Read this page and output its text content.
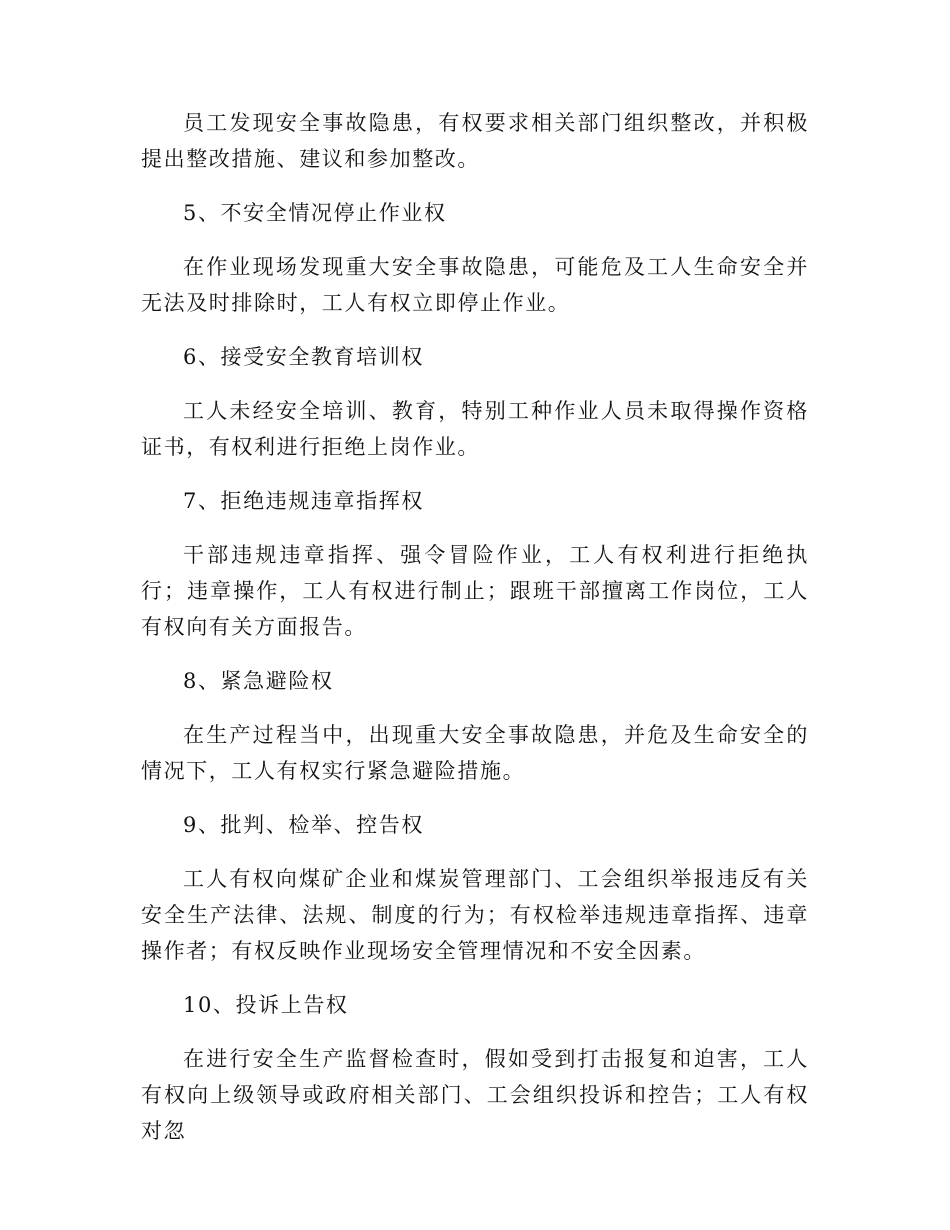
员工发现安全事故隐患，有权要求相关部门组织整改，并积极提出整改措施、建议和参加整改。

5、不安全情况停止作业权

在作业现场发现重大安全事故隐患，可能危及工人生命安全并无法及时排除时，工人有权立即停止作业。

6、接受安全教育培训权

工人未经安全培训、教育，特别工种作业人员未取得操作资格证书，有权利进行拒绝上岗作业。

7、拒绝违规违章指挥权

干部违规违章指挥、强令冒险作业，工人有权利进行拒绝执行；违章操作，工人有权进行制止；跟班干部擅离工作岗位，工人有权向有关方面报告。

8、紧急避险权

在生产过程当中，出现重大安全事故隐患，并危及生命安全的情况下，工人有权实行紧急避险措施。

9、批判、检举、控告权

工人有权向煤矿企业和煤炭管理部门、工会组织举报违反有关安全生产法律、法规、制度的行为；有权检举违规违章指挥、违章操作者；有权反映作业现场安全管理情况和不安全因素。

10、投诉上告权

在进行安全生产监督检查时，假如受到打击报复和迫害，工人有权向上级领导或政府相关部门、工会组织投诉和控告；工人有权对忽
